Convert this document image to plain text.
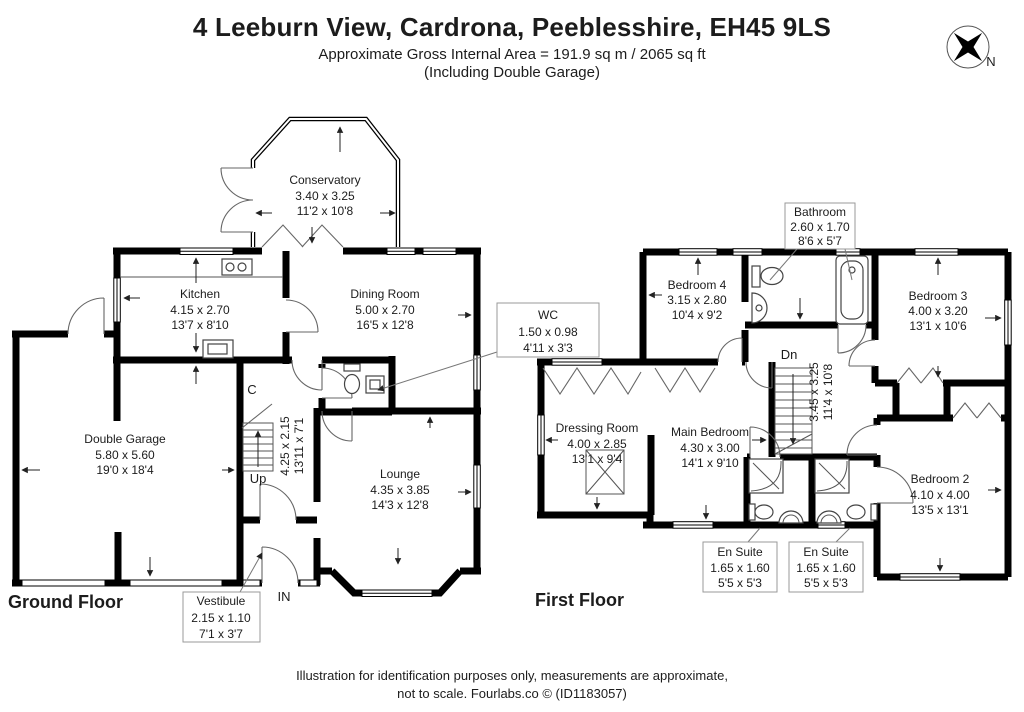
4 Leeburn View, Cardrona, Peeblesshire, EH45 9LS
Approximate Gross Internal Area = 191.9 sq m / 2065 sq ft
(Including Double Garage)
N
Conservatory
3.40 x 3.25
11'2 x 10'8
Kitchen
4.15 x 2.70
13'7 x 8'10
Dining Room
5.00 x 2.70
16'5 x 12'8
Double Garage
5.80 x 5.60
19'0 x 18'4	Lounge
4.35 x 3.85
14'3 x 12'8
4.25 x 2.15 13'11 x 7'1
C
Up
IN
WC
1.50 x 0.98
4'11 x 3'3
Vestibule
2.15 x 1.10
7'1 x 3'7
Bedroom 4
3.15 x 2.80
10'4 x 9'2
Bedroom 3
4.00 x 3.20
13'1 x 10'6
Dressing Room
4.00 x 2.85
13'1 x 9'4
Main Bedroom
4.30 x 3.00
14'1 x 9'10
Bedroom 2
4.10 x 4.00
13'5 x 13'1
3.45 x 3.25 11'4 x 10'8
Dn
Bathroom
2.60 x 1.70
8'6 x 5'7
En Suite
1.65 x 1.60
5'5 x 5'3
En Suite
1.65 x 1.60
5'5 x 5'3
Ground Floor	First Floor
Illustration for identification purposes only, measurements are approximate,
not to scale. Fourlabs.co © (ID1183057)
